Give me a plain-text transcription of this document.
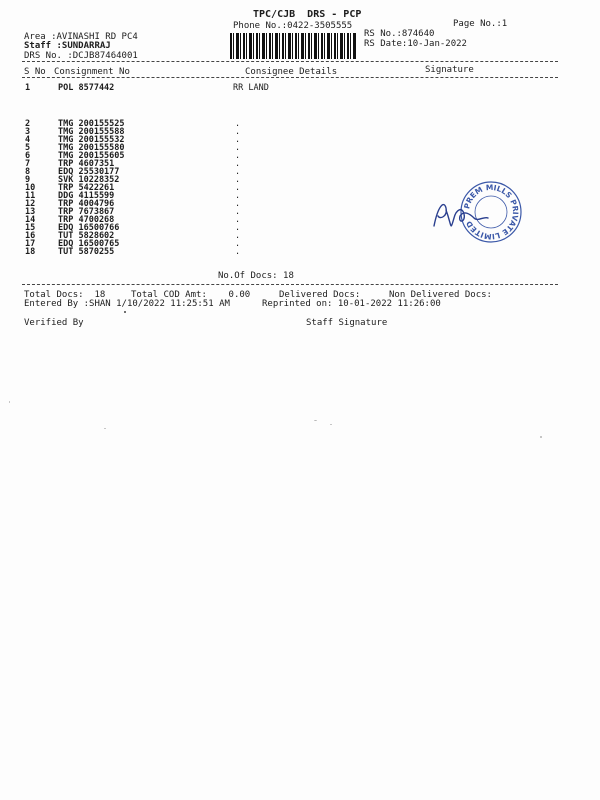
TPC/CJB  DRS - PCP
Phone No.:0422-3505555	Page No.:1
Area :AVINASHI RD PC4
Staff :SUNDARRAJ
DRS No. :DCJB87464001
RS No.:874640
RS Date:10-Jan-2022
S No Consignment No	Consignee Details	Signature
1	POL 8577442	RR LAND
2	TMG 200155525	.
3	TMG 200155588	.
4	TMG 200155532	.
5	TMG 200155580	.
6	TMG 200155605	.
7	TRP 4607351	.
8	EDQ 25530177	.
9	SVK 10228352	.
10	TRP 5422261	.
11	DDG 4115599	.
12	TRP 4004796	.
13	TRP 7673867	.
14	TRP 4700268	.
15	EDQ 16500766	.
16	TUT 5828602	.
17	EDQ 16500765	.
18	TUT 5870255	.
PREM MILLS PRIVATE LIMITED
No.Of Docs: 18
Total Docs:  18	Total COD Amt:    0.00	Delivered Docs:	Non Delivered Docs:
Entered By :SHAN 1/10/2022 11:25:51 AM	Reprinted on: 10-01-2022 11:26:00
Verified By	Staff Signature
